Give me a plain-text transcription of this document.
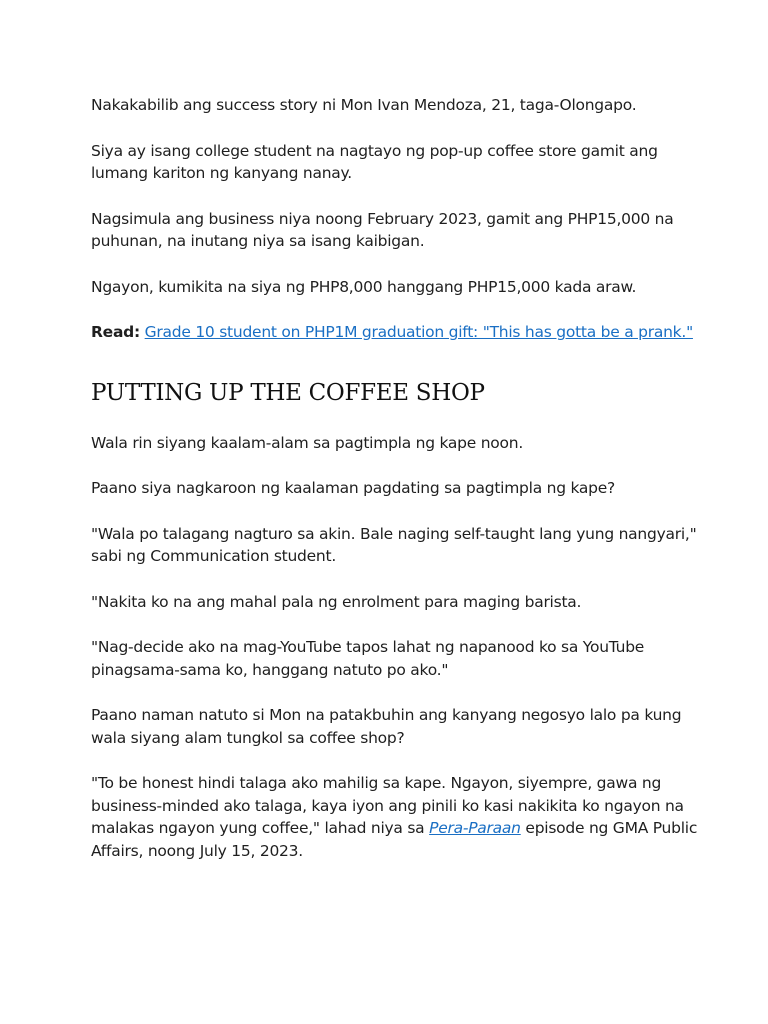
Nakakabilib ang success story ni Mon Ivan Mendoza, 21, taga-Olongapo.

Siya ay isang college student na nagtayo ng pop-up coffee store gamit ang lumang kariton ng kanyang nanay.

Nagsimula ang business niya noong February 2023, gamit ang PHP15,000 na puhunan, na inutang niya sa isang kaibigan.

Ngayon, kumikita na siya ng PHP8,000 hanggang PHP15,000 kada araw.

Read: Grade 10 student on PHP1M graduation gift: "This has gotta be a prank."

PUTTING UP THE COFFEE SHOP

Wala rin siyang kaalam-alam sa pagtimpla ng kape noon.

Paano siya nagkaroon ng kaalaman pagdating sa pagtimpla ng kape?

"Wala po talagang nagturo sa akin. Bale naging self-taught lang yung nangyari," sabi ng Communication student.

"Nakita ko na ang mahal pala ng enrolment para maging barista.

"Nag-decide ako na mag-YouTube tapos lahat ng napanood ko sa YouTube pinagsama-sama ko, hanggang natuto po ako."

Paano naman natuto si Mon na patakbuhin ang kanyang negosyo lalo pa kung wala siyang alam tungkol sa coffee shop?

"To be honest hindi talaga ako mahilig sa kape. Ngayon, siyempre, gawa ng business-minded ako talaga, kaya iyon ang pinili ko kasi nakikita ko ngayon na malakas ngayon yung coffee," lahad niya sa Pera-Paraan episode ng GMA Public Affairs, noong July 15, 2023.
